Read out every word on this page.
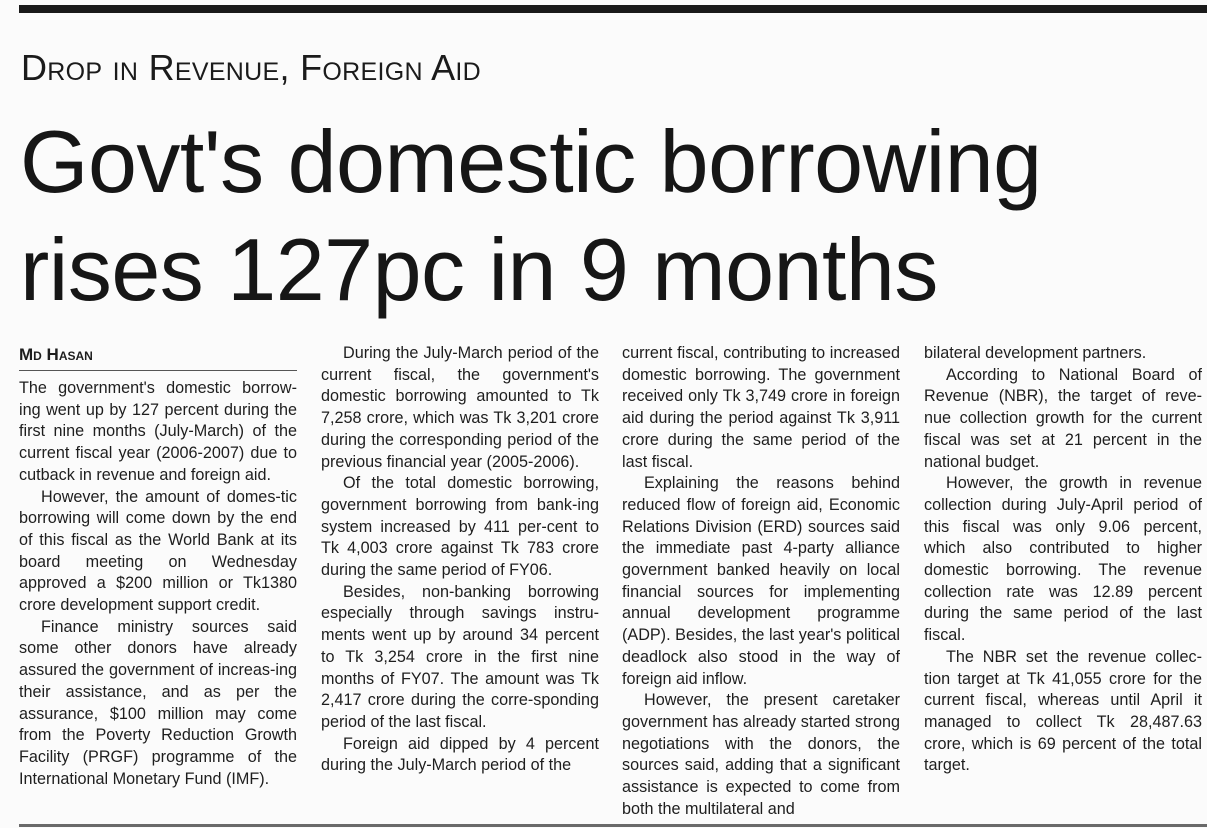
Drop in Revenue, Foreign Aid
Govt's domestic borrowing
rises 127pc in 9 months
Md Hasan

The government's domestic borrow-ing went up by 127 percent during the first nine months (July-March) of the current fiscal year (2006-2007) due to cutback in revenue and foreign aid.

However, the amount of domes-tic borrowing will come down by the end of this fiscal as the World Bank at its board meeting on Wednesday approved a $200 million or Tk1380 crore development support credit.

Finance ministry sources said some other donors have already assured the government of increas-ing their assistance, and as per the assurance, $100 million may come from the Poverty Reduction Growth Facility (PRGF) programme of the International Monetary Fund (IMF).

During the July-March period of the current fiscal, the government's domestic borrowing amounted to Tk 7,258 crore, which was Tk 3,201 crore during the corresponding period of the previous financial year (2005-2006).

Of the total domestic borrowing, government borrowing from bank-ing system increased by 411 per-cent to Tk 4,003 crore against Tk 783 crore during the same period of FY06.

Besides, non-banking borrowing especially through savings instru-ments went up by around 34 percent to Tk 3,254 crore in the first nine months of FY07. The amount was Tk 2,417 crore during the corre-sponding period of the last fiscal.

Foreign aid dipped by 4 percent during the July-March period of the

current fiscal, contributing to increased domestic borrowing. The government received only Tk 3,749 crore in foreign aid during the period against Tk 3,911 crore during the same period of the last fiscal.

Explaining the reasons behind reduced flow of foreign aid, Economic Relations Division (ERD) sources said the immediate past 4-party alliance government banked heavily on local financial sources for implementing annual development programme (ADP). Besides, the last year's political deadlock also stood in the way of foreign aid inflow.

However, the present caretaker government has already started strong negotiations with the donors, the sources said, adding that a significant assistance is expected to come from both the multilateral and

bilateral development partners.

According to National Board of Revenue (NBR), the target of reve-nue collection growth for the current fiscal was set at 21 percent in the national budget.

However, the growth in revenue collection during July-April period of this fiscal was only 9.06 percent, which also contributed to higher domestic borrowing. The revenue collection rate was 12.89 percent during the same period of the last fiscal.

The NBR set the revenue collec-tion target at Tk 41,055 crore for the current fiscal, whereas until April it managed to collect Tk 28,487.63 crore, which is 69 percent of the total target.
